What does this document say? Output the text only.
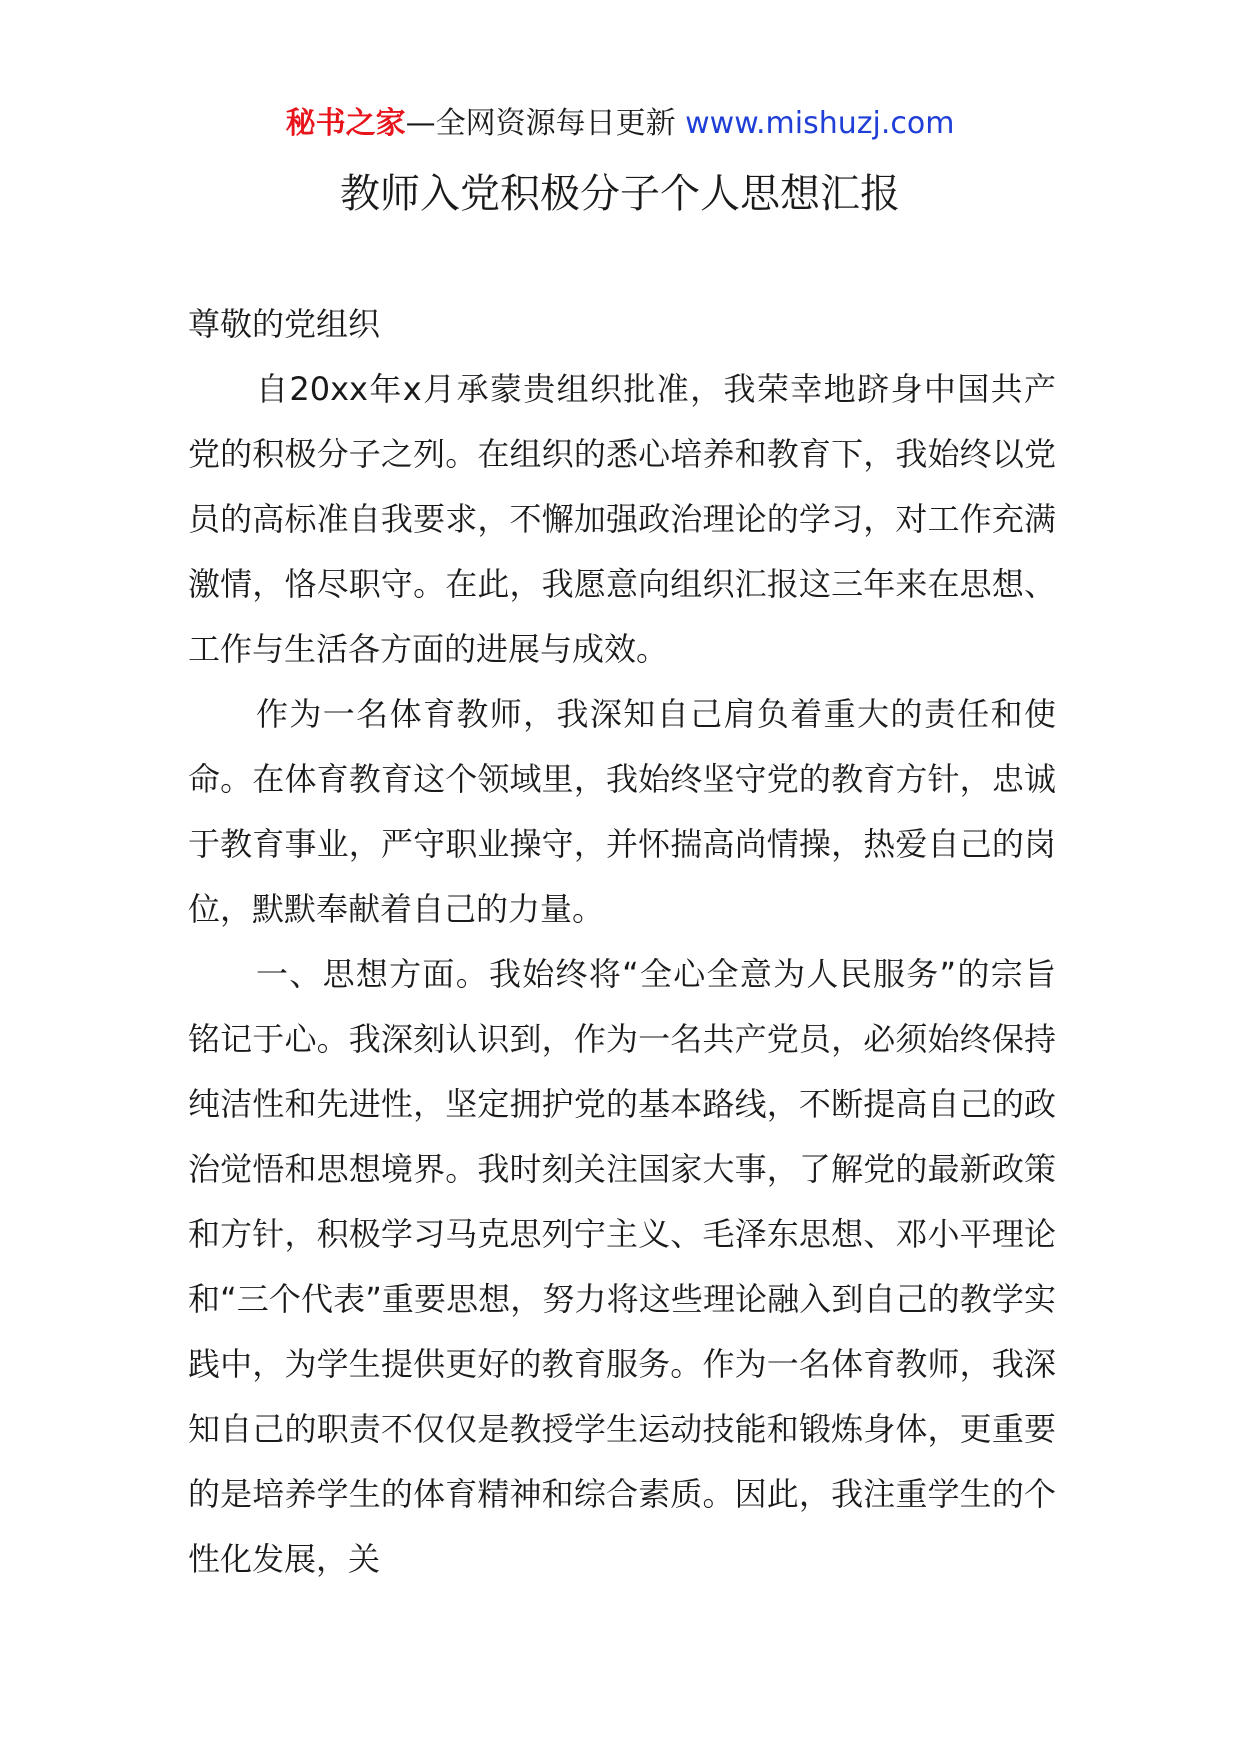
秘书之家—全网资源每日更新 www.mishuzj.com
教师入党积极分子个人思想汇报

尊敬的党组织

自20xx年x月承蒙贵组织批准，我荣幸地跻身中国共产党的积极分子之列。在组织的悉心培养和教育下，我始终以党员的高标准自我要求，不懈加强政治理论的学习，对工作充满激情，恪尽职守。在此，我愿意向组织汇报这三年来在思想、工作与生活各方面的进展与成效。

作为一名体育教师，我深知自己肩负着重大的责任和使命。在体育教育这个领域里，我始终坚守党的教育方针，忠诚于教育事业，严守职业操守，并怀揣高尚情操，热爱自己的岗位，默默奉献着自己的力量。

一、思想方面。我始终将“全心全意为人民服务”的宗旨铭记于心。我深刻认识到，作为一名共产党员，必须始终保持纯洁性和先进性，坚定拥护党的基本路线，不断提高自己的政治觉悟和思想境界。我时刻关注国家大事，了解党的最新政策和方针，积极学习马克思列宁主义、毛泽东思想、邓小平理论和“三个代表”重要思想，努力将这些理论融入到自己的教学实践中，为学生提供更好的教育服务。作为一名体育教师，我深知自己的职责不仅仅是教授学生运动技能和锻炼身体，更重要的是培养学生的体育精神和综合素质。因此，我注重学生的个性化发展，关
